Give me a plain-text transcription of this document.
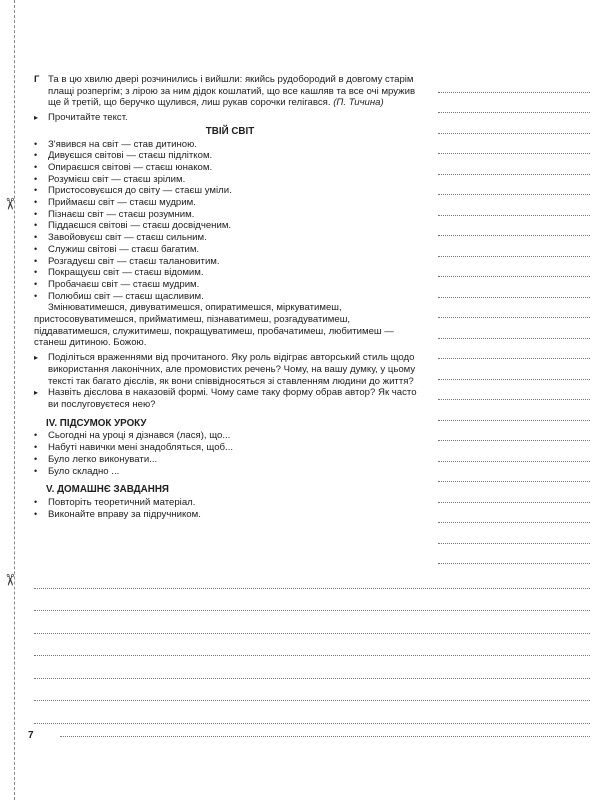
✂
✂
Г Та в цю хвилю двері розчинились і вийшли: якийсь рудобородий в довгому старім плащі розпергім; з лірою за ним дідок кошлатий, що все кашляв та все очі мружив ще й третій, що беручко щулився, лиш рукав сорочки гелігався. (П. Тичина)

▸	Прочитайте текст.

ТВІЙ СВІТ
•	З'явився на світ — став дитиною.
•	Дивуєшся світові — стаєш підлітком.
•	Опираєшся світові — стаєш юнаком.
•	Розумієш світ — стаєш зрілим.
•	Пристосовуєшся до світу — стаєш уміли.
•	Приймаєш світ — стаєш мудрим.
•	Пізнаєш світ — стаєш розумним.
•	Піддаєшся світові — стаєш досвідченим.
•	Завойовуєш світ — стаєш сильним.
•	Служиш світові — стаєш багатим.
•	Розгадуєш світ — стаєш талановитим.
•	Покращуєш світ — стаєш відомим.
•	Пробачаєш світ — стаєш мудрим.
•	Полюбиш світ — стаєш щасливим.

Змінюватимешся, дивуватимешся, опиратимешся, міркуватимеш, пристосовуватимешся, прийматимеш, пізнаватимеш, розгадуватимеш, піддаватимешся, служитимеш, покращуватимеш, пробачатимеш, любитимеш — станеш дитиною. Божою.

▸	Поділіться враженнями від прочитаного. Яку роль відіграє авторський стиль щодо використання лаконічних, але промовистих речень? Чому, на вашу думку, у цьому тексті так багато дієслів, як вони співвідносяться зі ставленням людини до життя?

▸	Назвіть дієслова в наказовій формі. Чому саме таку форму обрав автор? Як часто ви послуговуєтеся нею?

IV. ПІДСУМОК УРОКУ
•	Сьогодні на уроці я дізнався (лася), що...
•	Набуті навички мені знадобляться, щоб...
•	Було легко виконувати...
•	Було складно ...
V. ДОМАШНЄ ЗАВДАННЯ
•	Повторіть теоретичний матеріал.
•	Виконайте вправу за підручником.
7
